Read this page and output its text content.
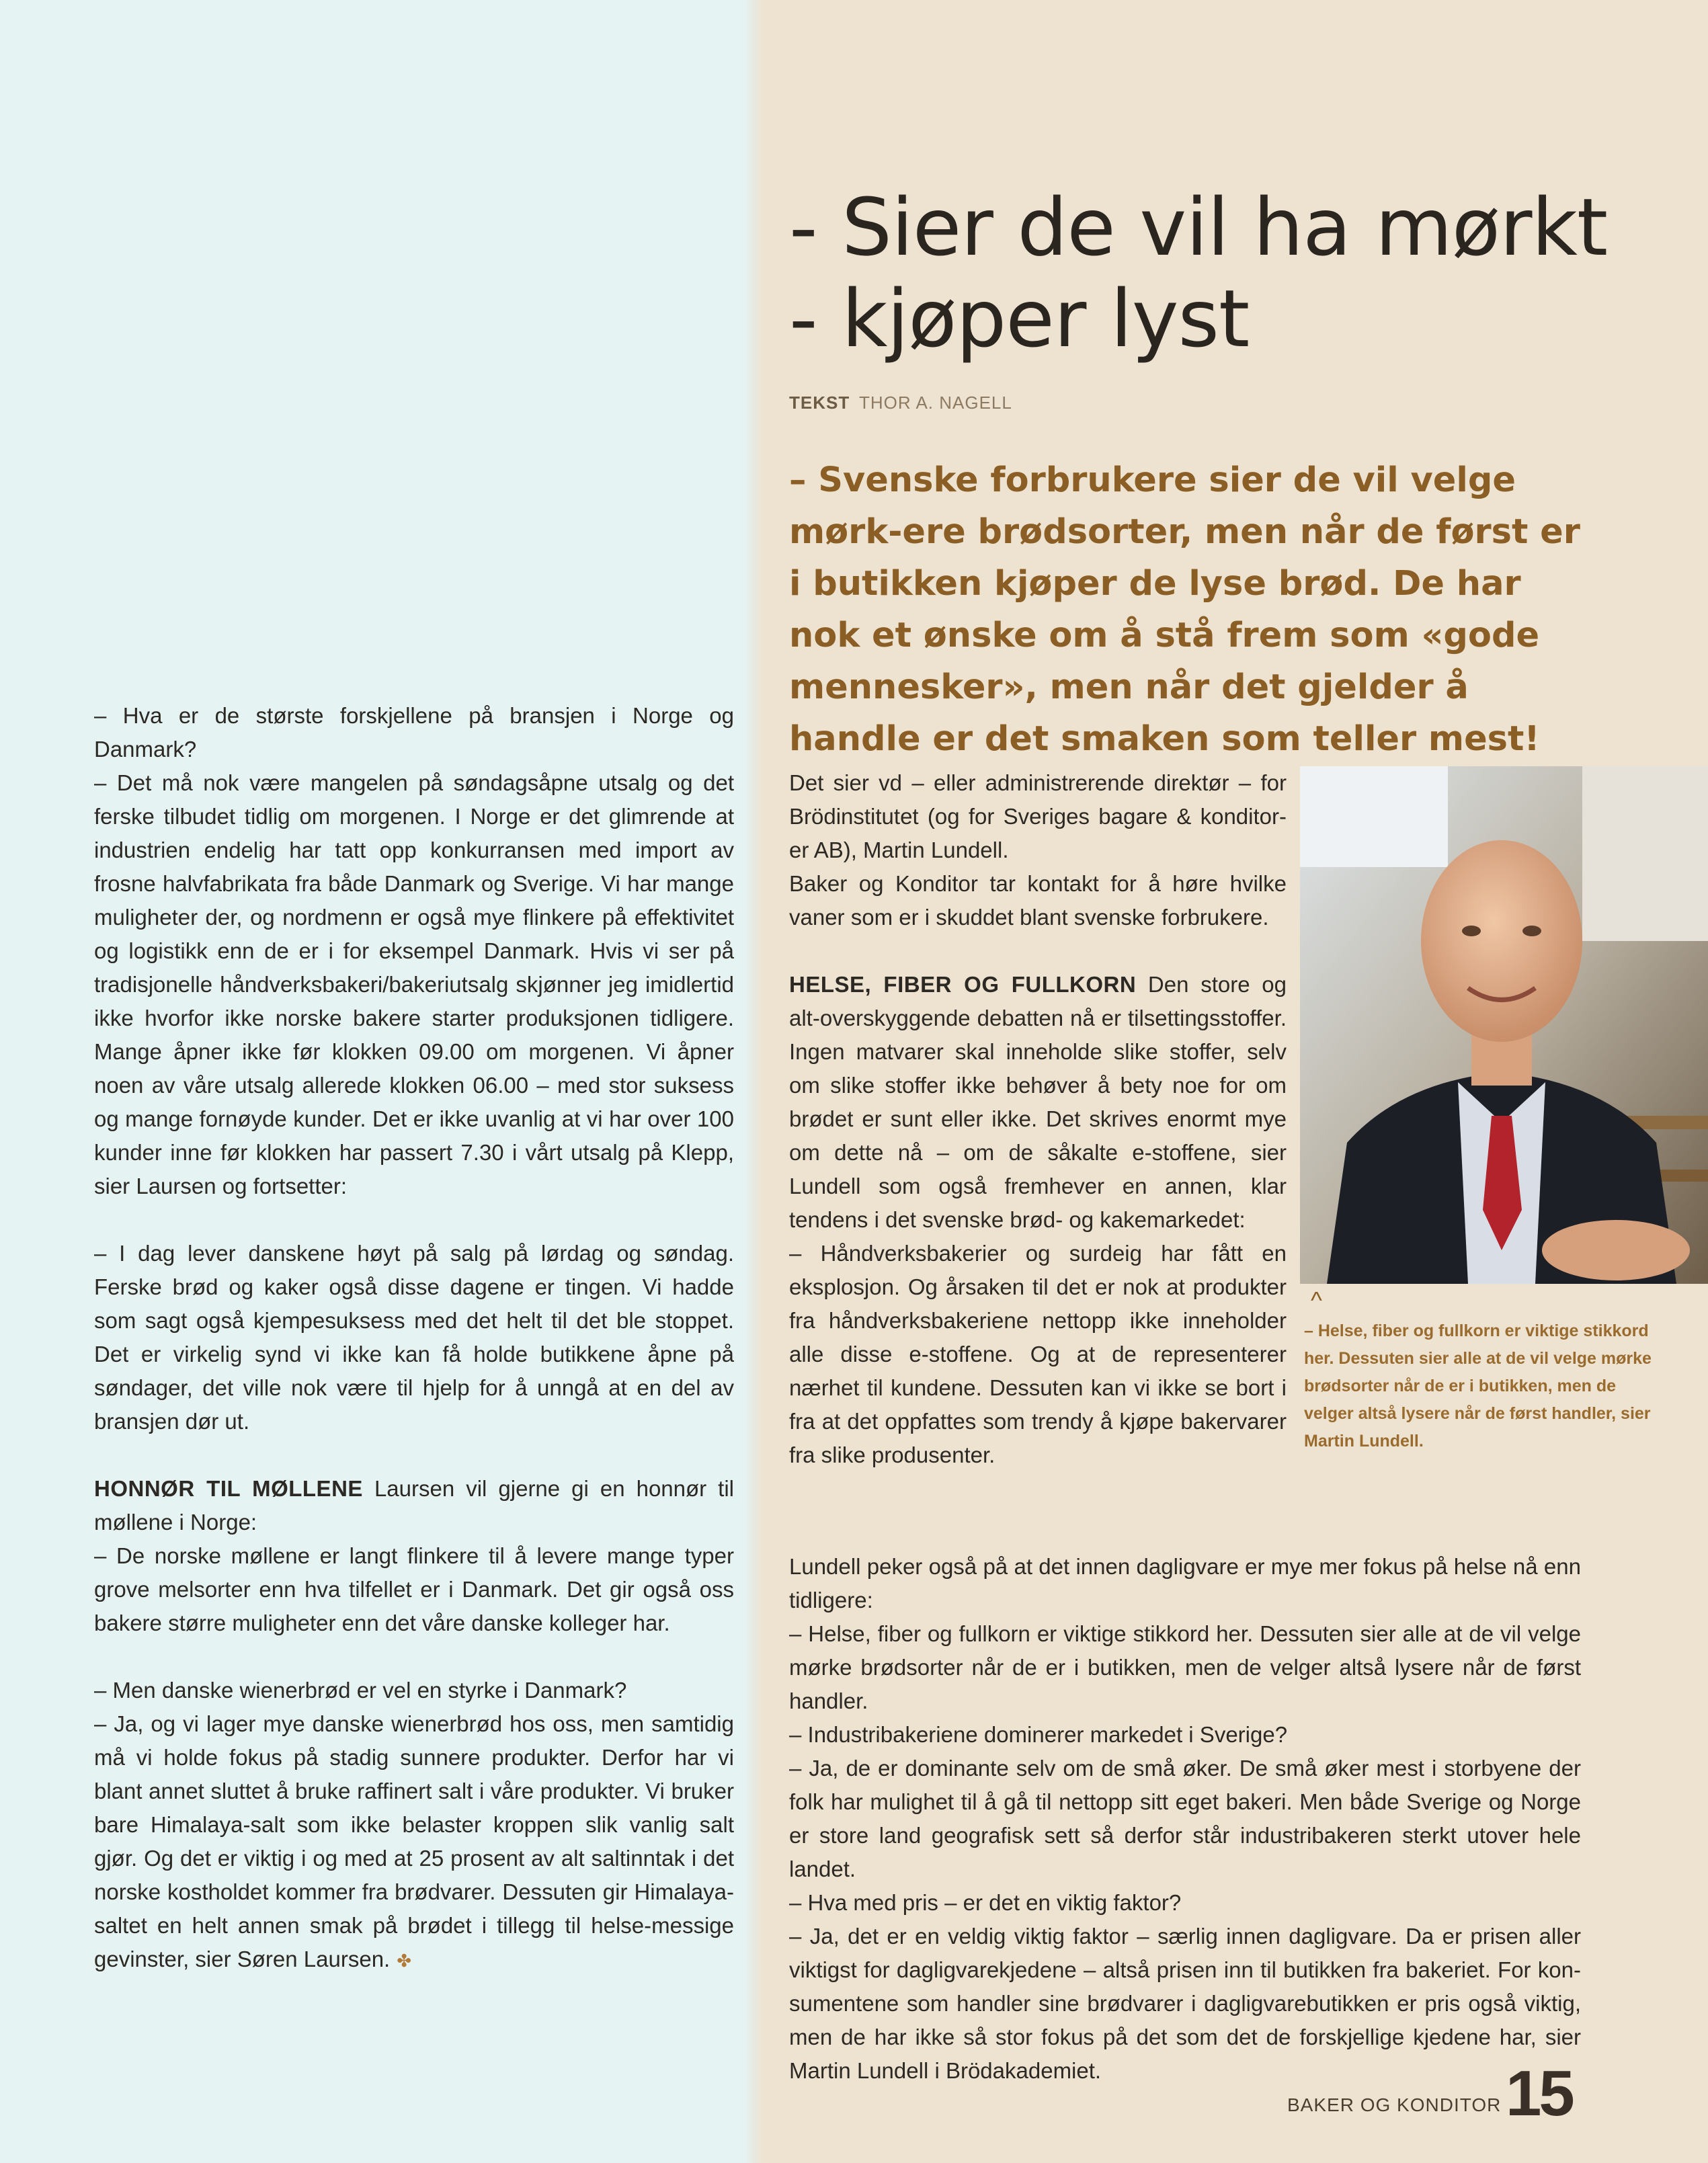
- Sier de vil ha mørkt
- kjøper lyst
TEKST THOR A. NAGELL

– Svenske forbrukere sier de vil velge mørk-ere brødsorter, men når de først er i butikken kjøper de lyse brød. De har nok et ønske om å stå frem som «gode mennesker», men når det gjelder å handle er det smaken som teller mest!

– Hva er de største forskjellene på bransjen i Norge og Danmark?

– Det må nok være mangelen på søndagsåpne utsalg og det ferske tilbudet tidlig om morgenen. I Norge er det glimrende at industrien endelig har tatt opp konkurransen med import av frosne halvfabrikata fra både Danmark og Sverige. Vi har mange muligheter der, og nordmenn er også mye flinkere på effektivitet og logistikk enn de er i for eksempel Danmark. Hvis vi ser på tradisjonelle håndverksbakeri/bakeriutsalg skjønner jeg imidlertid ikke hvorfor ikke norske bakere starter produksjonen tidligere. Mange åpner ikke før klokken 09.00 om morgenen. Vi åpner noen av våre utsalg allerede klokken 06.00 – med stor suksess og mange fornøyde kunder. Det er ikke uvanlig at vi har over 100 kunder inne før klokken har passert 7.30 i vårt utsalg på Klepp, sier Laursen og fortsetter:

– I dag lever danskene høyt på salg på lørdag og søndag. Ferske brød og kaker også disse dagene er tingen. Vi hadde som sagt også kjempesuksess med det helt til det ble stoppet. Det er virkelig synd vi ikke kan få holde butikkene åpne på søndager, det ville nok være til hjelp for å unngå at en del av bransjen dør ut.

HONNØR TIL MØLLENE Laursen vil gjerne gi en honnør til møllene i Norge:

– De norske møllene er langt flinkere til å levere mange typer grove melsorter enn hva tilfellet er i Danmark. Det gir også oss bakere større muligheter enn det våre danske kolleger har.

– Men danske wienerbrød er vel en styrke i Danmark?

– Ja, og vi lager mye danske wienerbrød hos oss, men samtidig må vi holde fokus på stadig sunnere produkter. Derfor har vi blant annet sluttet å bruke raffinert salt i våre produkter. Vi bruker bare Himalaya-salt som ikke belaster kroppen slik vanlig salt gjør. Og det er viktig i og med at 25 prosent av alt saltinntak i det norske kostholdet kommer fra brødvarer. Dessuten gir Himalaya-saltet en helt annen smak på brødet i tillegg til helse-messige gevinster, sier Søren Laursen. ✤

Det sier vd – eller administrerende direktør – for Brödinstitutet (og for Sveriges bagare & konditor-er AB), Martin Lundell.

Baker og Konditor tar kontakt for å høre hvilke vaner som er i skuddet blant svenske forbrukere.

HELSE, FIBER OG FULLKORN Den store og alt-overskyggende debatten nå er tilsettingsstoffer. Ingen matvarer skal inneholde slike stoffer, selv om slike stoffer ikke behøver å bety noe for om brødet er sunt eller ikke. Det skrives enormt mye om dette nå – om de såkalte e-stoffene, sier Lundell som også fremhever en annen, klar tendens i det svenske brød- og kakemarkedet:

– Håndverksbakerier og surdeig har fått en eksplosjon. Og årsaken til det er nok at produkter fra håndverksbakeriene nettopp ikke inneholder alle disse e-stoffene. Og at de representerer nærhet til kundene. Dessuten kan vi ikke se bort i fra at det oppfattes som trendy å kjøpe bakervarer fra slike produsenter.

^

– Helse, fiber og fullkorn er viktige stikkord her. Dessuten sier alle at de vil velge mørke brødsorter når de er i butikken, men de velger altså lysere når de først handler, sier Martin Lundell.

Lundell peker også på at det innen dagligvare er mye mer fokus på helse nå enn tidligere:

– Helse, fiber og fullkorn er viktige stikkord her. Dessuten sier alle at de vil velge mørke brødsorter når de er i butikken, men de velger altså lysere når de først handler.

– Industribakeriene dominerer markedet i Sverige?

– Ja, de er dominante selv om de små øker. De små øker mest i storbyene der folk har mulighet til å gå til nettopp sitt eget bakeri. Men både Sverige og Norge er store land geografisk sett så derfor står industribakeren sterkt utover hele landet.

– Hva med pris – er det en viktig faktor?

– Ja, det er en veldig viktig faktor – særlig innen dagligvare. Da er prisen aller viktigst for dagligvarekjedene – altså prisen inn til butikken fra bakeriet. For kon-sumentene som handler sine brødvarer i dagligvarebutikken er pris også viktig, men de har ikke så stor fokus på det som det de forskjellige kjedene har, sier Martin Lundell i Brödakademiet.

BAKER OG KONDITOR 15
